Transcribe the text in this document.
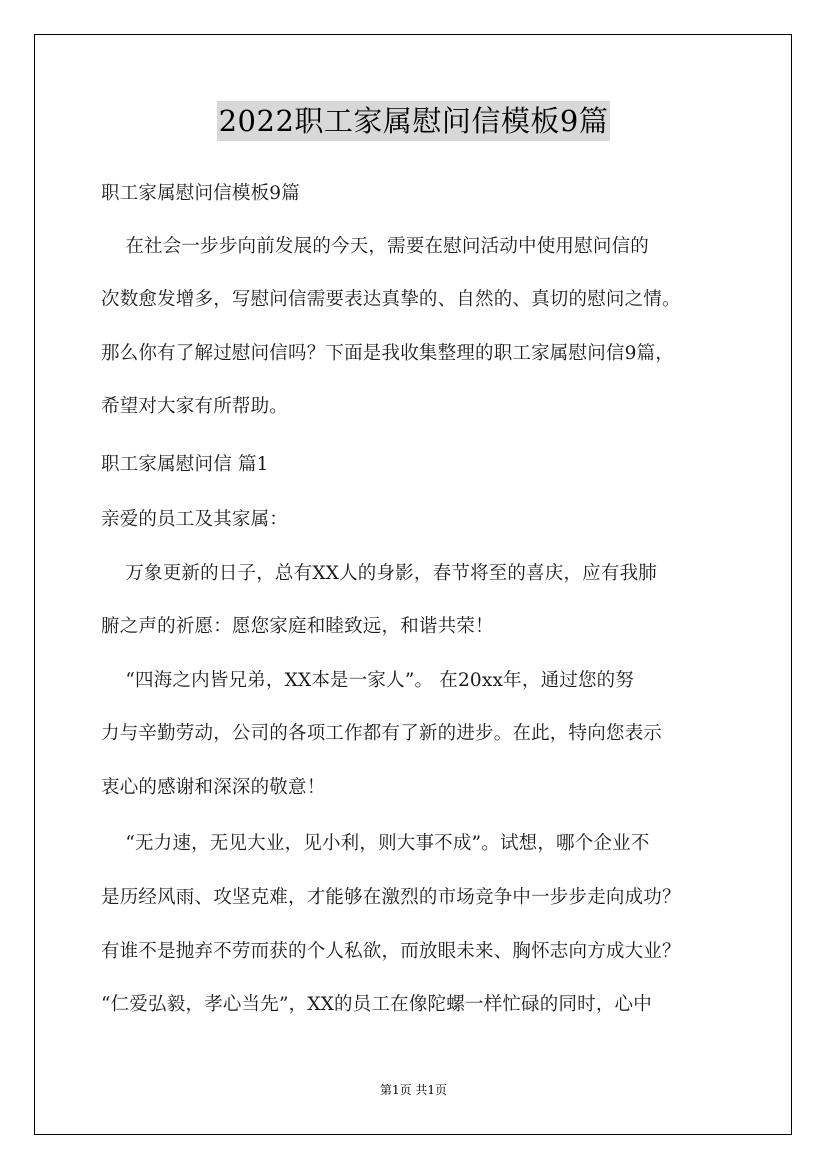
2022职工家属慰问信模板9篇
职工家属慰问信模板9篇
在社会一步步向前发展的今天，需要在慰问活动中使用慰问信的
次数愈发增多，写慰问信需要表达真挚的、自然的、真切的慰问之情。
那么你有了解过慰问信吗？下面是我收集整理的职工家属慰问信9篇，
希望对大家有所帮助。
职工家属慰问信 篇1
亲爱的员工及其家属：
万象更新的日子，总有XX人的身影，春节将至的喜庆，应有我肺
腑之声的祈愿：愿您家庭和睦致远，和谐共荣！
“四海之内皆兄弟，XX本是一家人”。 在20xx年，通过您的努
力与辛勤劳动，公司的各项工作都有了新的进步。在此，特向您表示
衷心的感谢和深深的敬意！
“无力速，无见大业，见小利，则大事不成”。试想，哪个企业不
是历经风雨、攻坚克难，才能够在激烈的市场竞争中一步步走向成功？
有谁不是抛弃不劳而获的个人私欲，而放眼未来、胸怀志向方成大业？
“仁爱弘毅，孝心当先”，XX的员工在像陀螺一样忙碌的同时，心中
第1页 共1页
